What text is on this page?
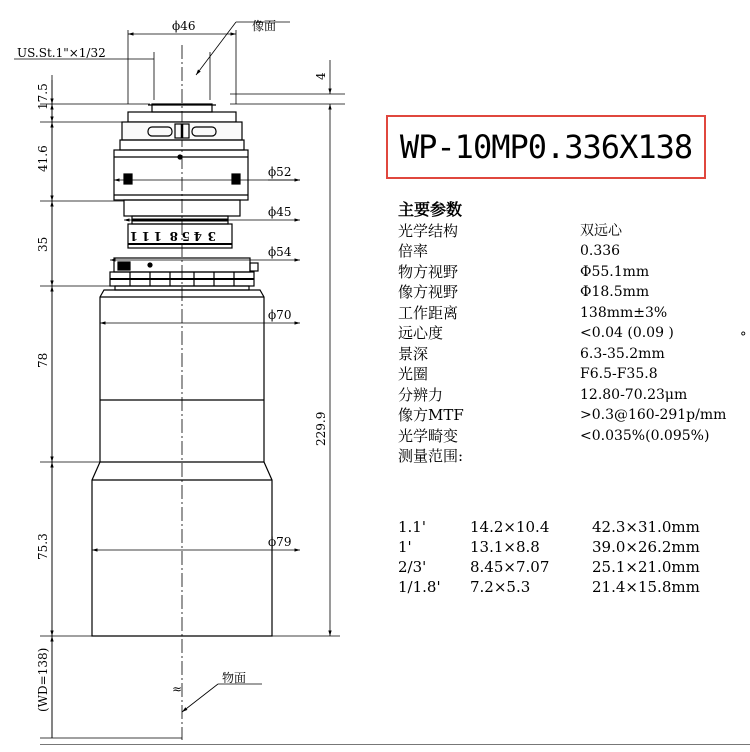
1 1 1 8 5 4 3
ϕ46	像面
US.St.1"×1/32
ϕ52
ϕ45
ϕ54
ϕ70
ϕ79
物面
≈
17.5
41.6
35
78
75.3
(WD=138)
4
229.9
WP-10MP0.336X138
主要参数
光学结构	双远心
倍率	0.336
物方视野	Φ55.1mm
像方视野	Φ18.5mm
工作距离	138mm±3%
远心度	<0.04 (0.09 )
景深	6.3-35.2mm
光圈	F6.5-F35.8
分辨力	12.80-70.23μm
像方MTF	>0.3@160-291p/mm
光学畸变	<0.035%(0.095%)
测量范围:
°
1.1'	14.2×10.4	42.3×31.0mm
1'	13.1×8.8	39.0×26.2mm
2/3'	8.45×7.07	25.1×21.0mm
1/1.8'	7.2×5.3	21.4×15.8mm
